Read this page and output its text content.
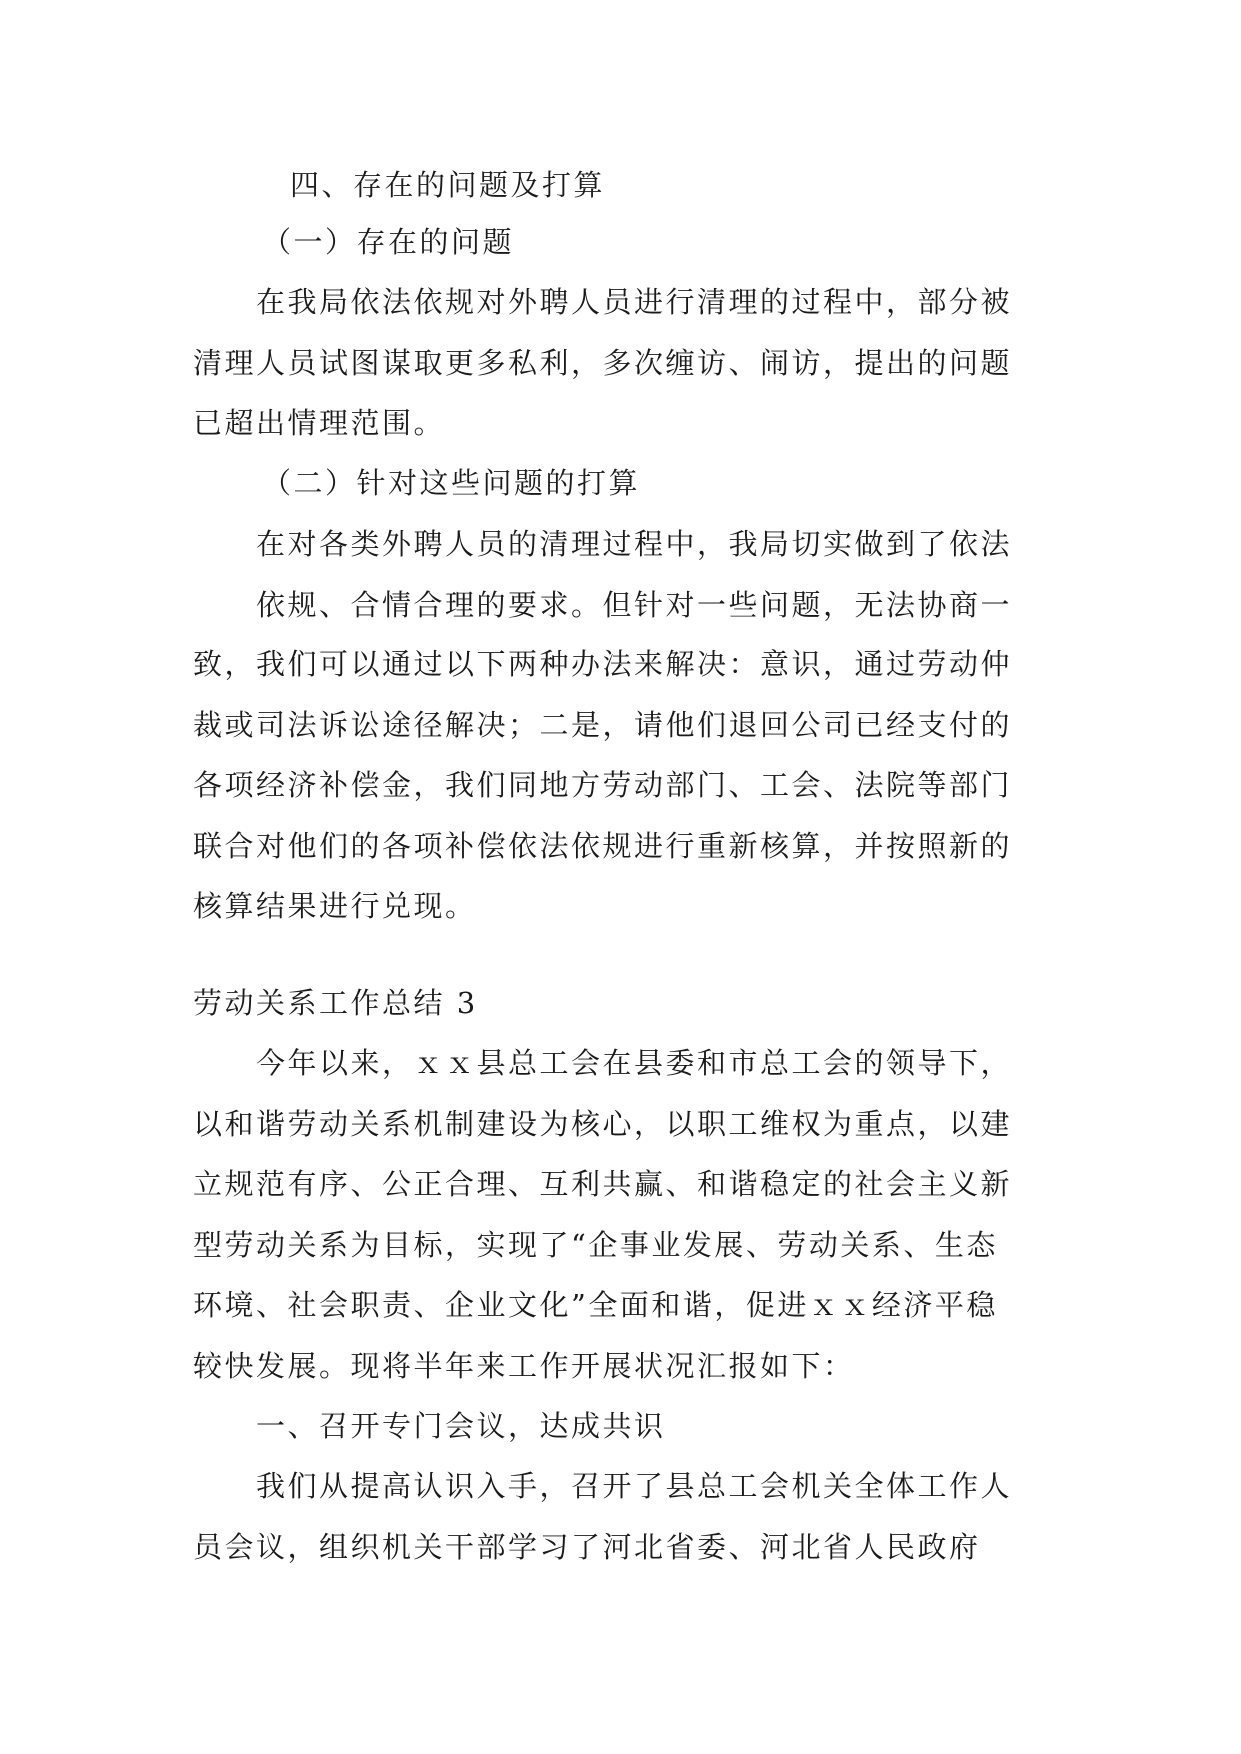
四、存在的问题及打算
（一）存在的问题
在我局依法依规对外聘人员进行清理的过程中，部分被
清理人员试图谋取更多私利，多次缠访、闹访，提出的问题
已超出情理范围。
（二）针对这些问题的打算
在对各类外聘人员的清理过程中，我局切实做到了依法
依规、合情合理的要求。但针对一些问题，无法协商一
致，我们可以通过以下两种办法来解决：意识，通过劳动仲
裁或司法诉讼途径解决；二是，请他们退回公司已经支付的
各项经济补偿金，我们同地方劳动部门、工会、法院等部门
联合对他们的各项补偿依法依规进行重新核算，并按照新的
核算结果进行兑现。
劳动关系工作总结 3
今年以来，ｘｘ县总工会在县委和市总工会的领导下，
以和谐劳动关系机制建设为核心，以职工维权为重点，以建
立规范有序、公正合理、互利共赢、和谐稳定的社会主义新
型劳动关系为目标，实现了“企事业发展、劳动关系、生态
环境、社会职责、企业文化”全面和谐，促进ｘｘ经济平稳
较快发展。现将半年来工作开展状况汇报如下：
一、召开专门会议，达成共识
我们从提高认识入手，召开了县总工会机关全体工作人
员会议，组织机关干部学习了河北省委、河北省人民政府
